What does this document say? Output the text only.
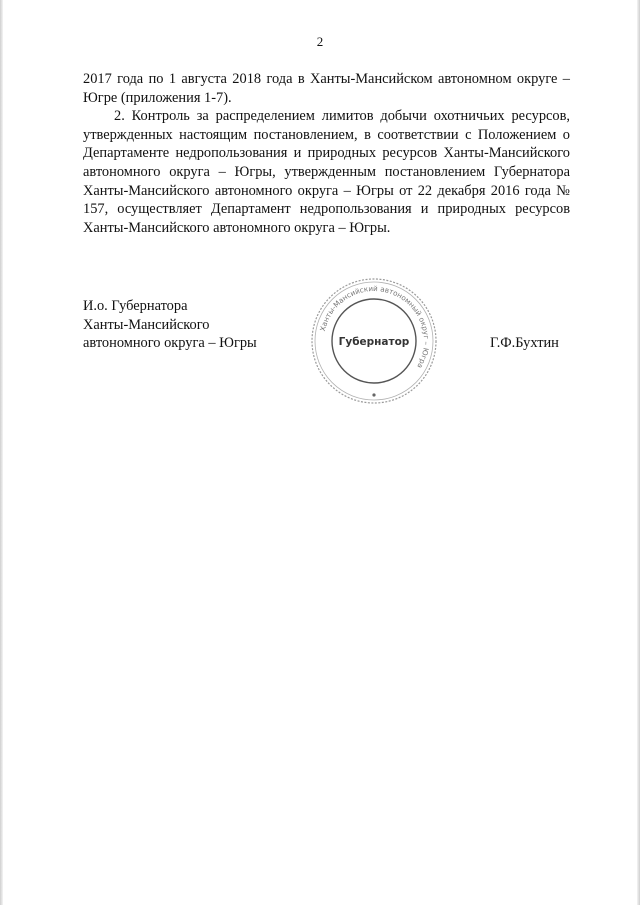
2

2017 года по 1 августа 2018 года в Ханты-Мансийском автономном округе – Югре (приложения 1-7).

2. Контроль за распределением лимитов добычи охотничьих ресурсов, утвержденных настоящим постановлением, в соответствии с Положением о Департаменте недропользования и природных ресурсов Ханты-Мансийского автономного округа – Югры, утвержденным постановлением Губернатора Ханты-Мансийского автономного округа – Югры от 22 декабря 2016 года № 157, осуществляет Департамент недропользования и природных ресурсов Ханты-Мансийского автономного округа – Югры.

И.о. Губернатора
Ханты-Мансийского
автономного округа – Югры
Ханты-Мансийский автономный округ – Югра
Губернатор	Г.Ф.Бухтин
